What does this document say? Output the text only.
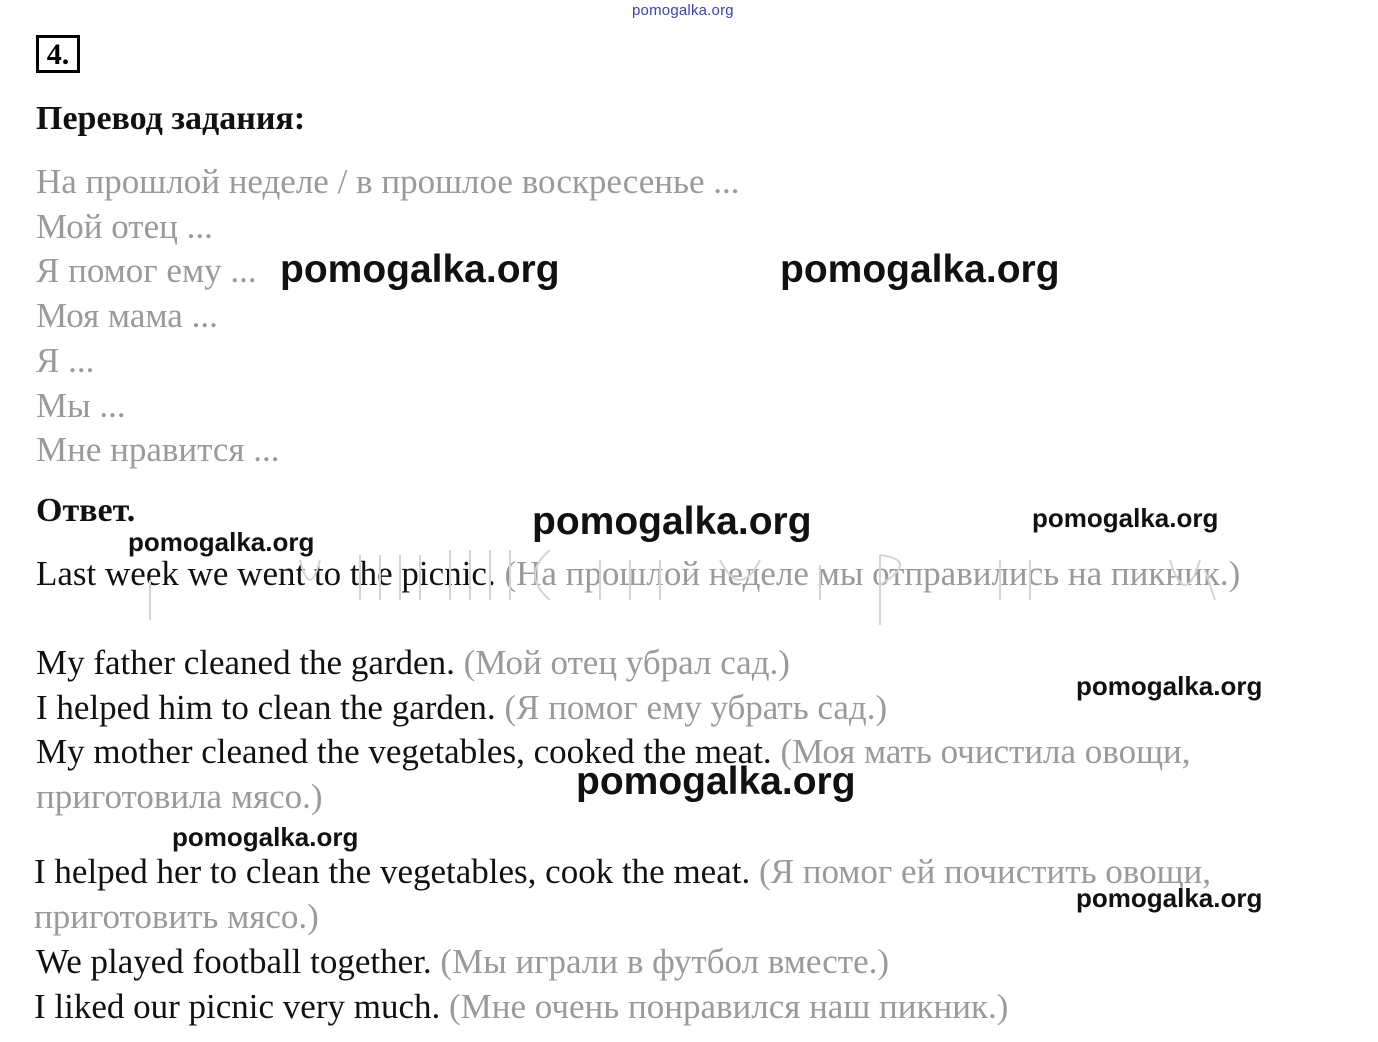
pomogalka.org
4.
Перевод задания:
На прошлой неделе / в прошлое воскресенье ...
Мой отец ...
Я помог ему ...
Моя мама ...
Я ...
Мы ...
Мне нравится ...
Ответ.

Last week we went to the picnic. (На прошлой неделе мы отправились на пикник.)

My father cleaned the garden. (Мой отец убрал сад.)

I helped him to clean the garden. (Я помог ему убрать сад.)

My mother cleaned the vegetables, cooked the meat. (Моя мать очистила овощи, приготовила мясо.)

I helped her to clean the vegetables, cook the meat. (Я помог ей почистить овощи, приготовить мясо.)

We played football together. (Мы играли в футбол вместе.)

I liked our picnic very much. (Мне очень понравился наш пикник.)

pomogalka.org	pomogalka.org
pomogalka.org	pomogalka.org
pomogalka.org
pomogalka.org
pomogalka.org
pomogalka.org
pomogalka.org
